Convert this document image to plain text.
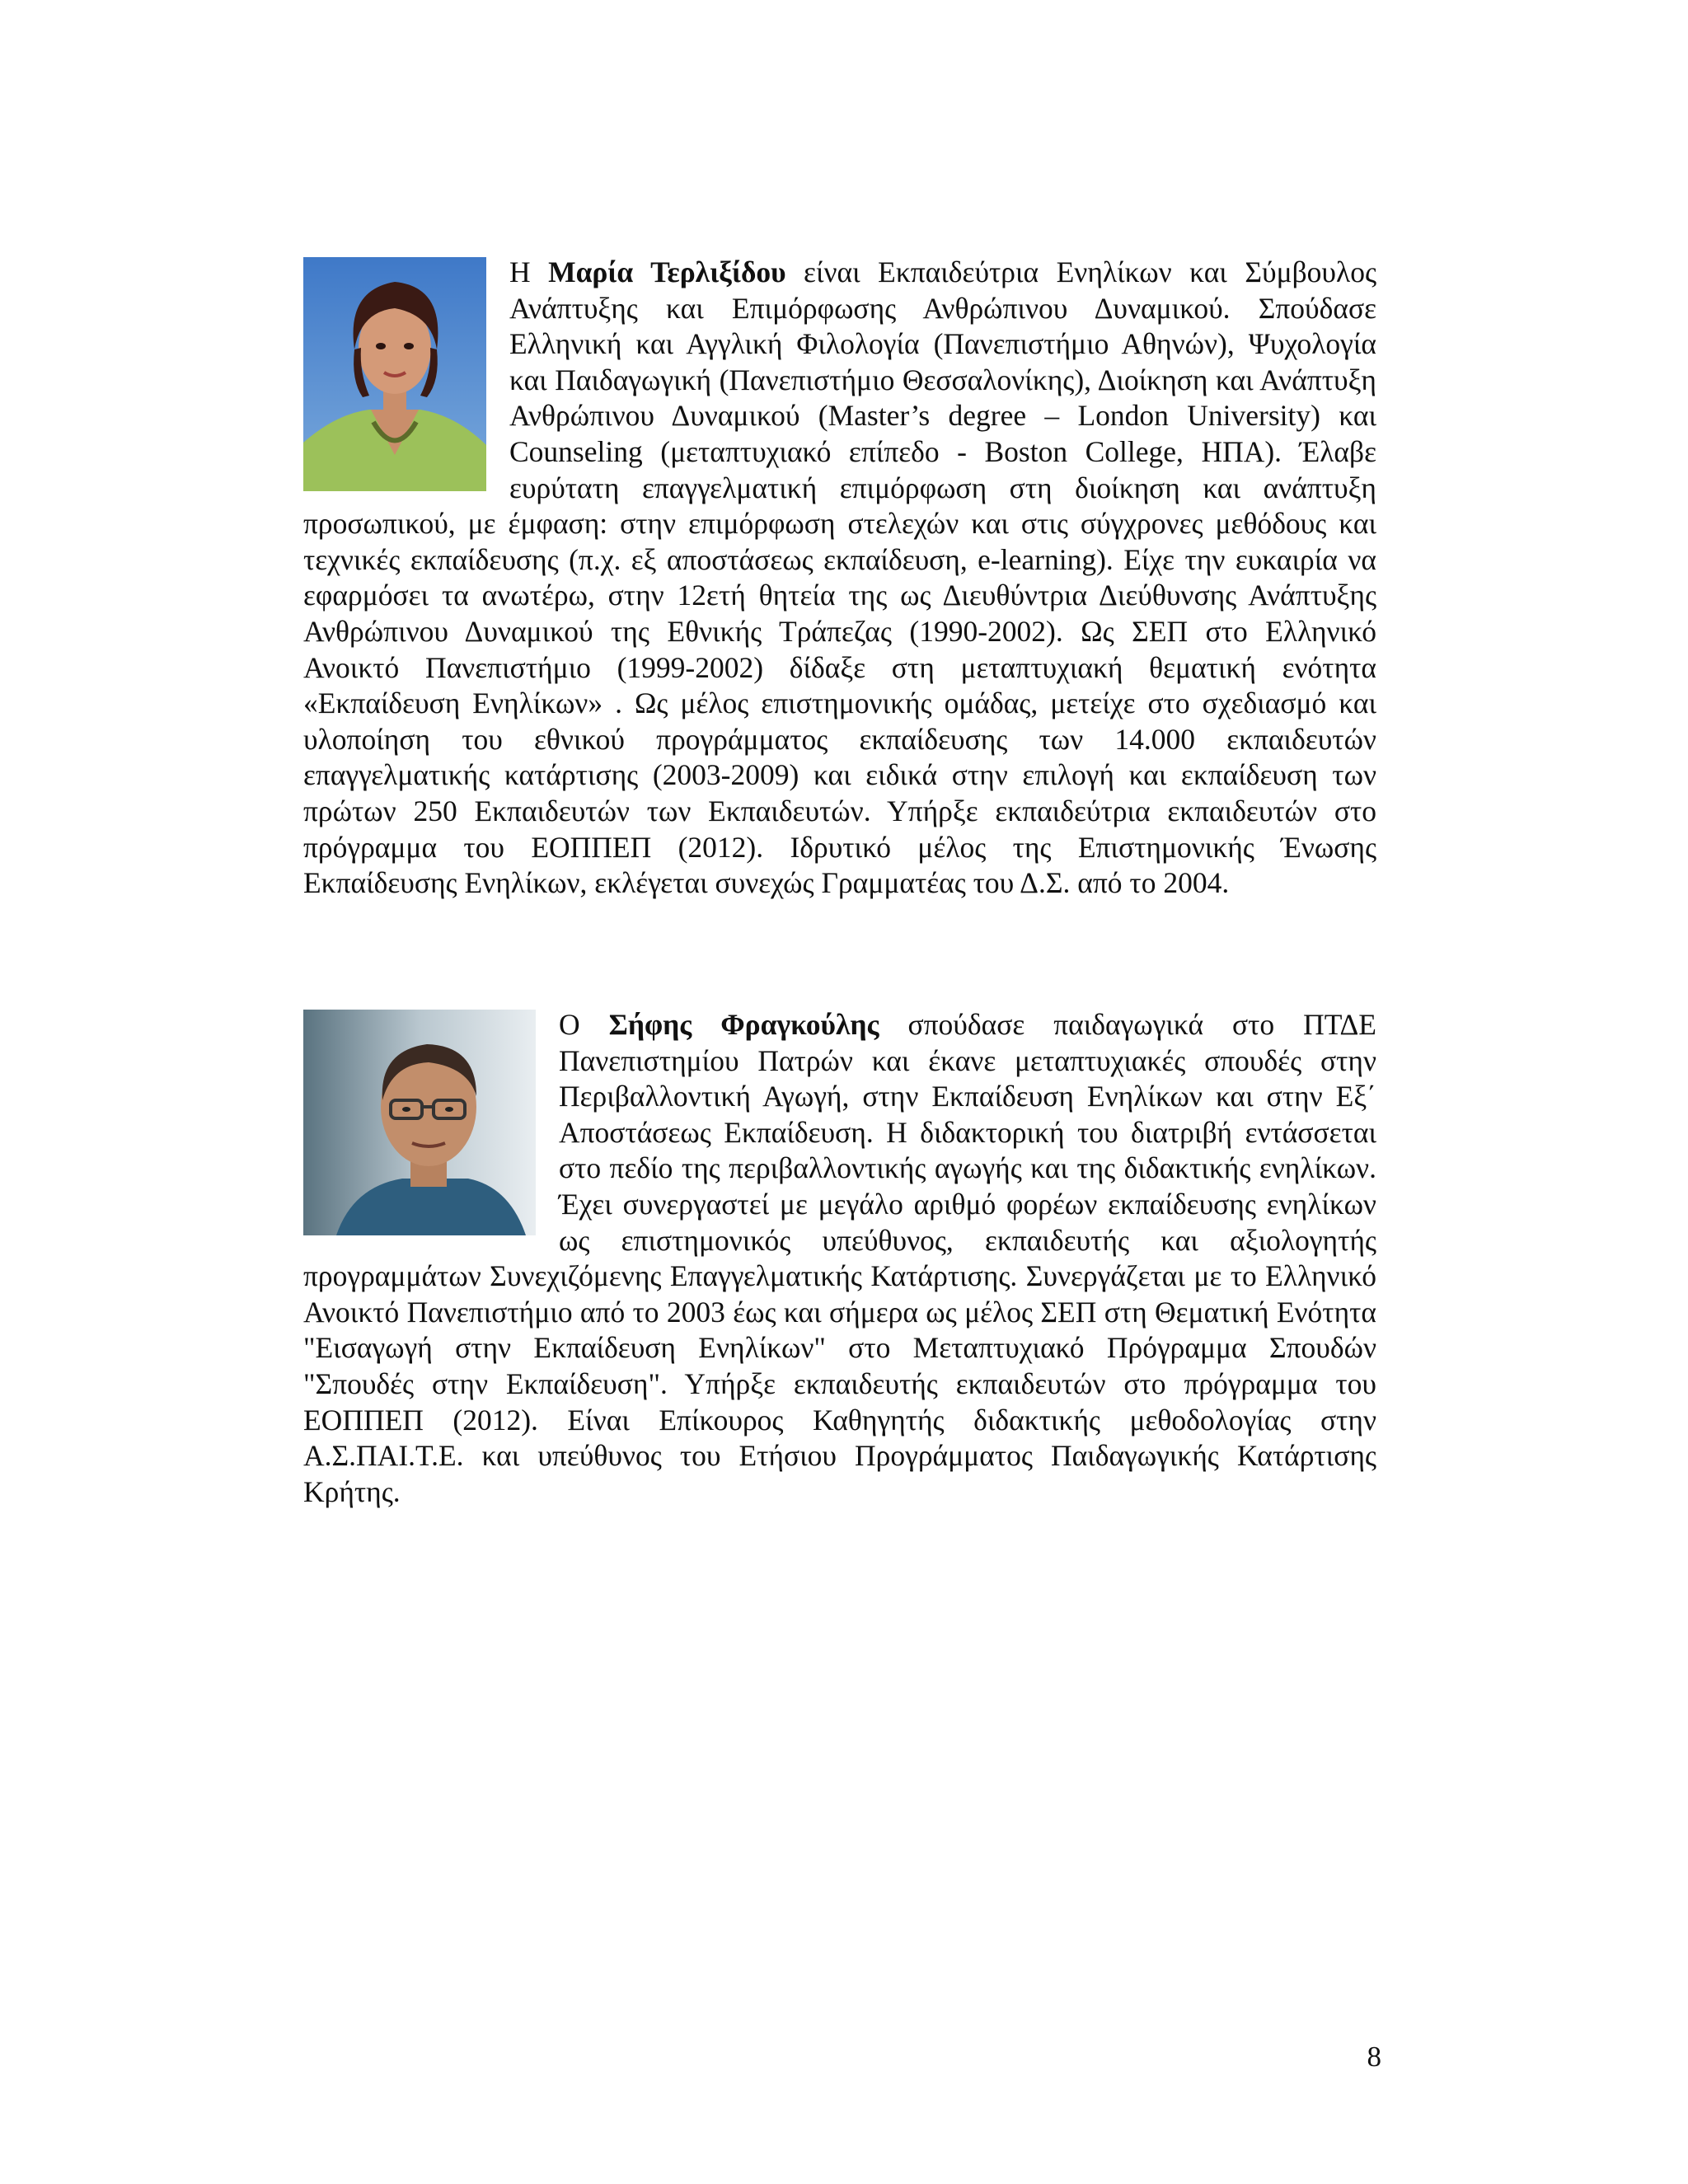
Η Μαρία Τερλιξίδου είναι Εκπαιδεύτρια Ενηλίκων και Σύμβουλος Ανάπτυξης και Επιμόρφωσης Ανθρώπινου Δυναμικού. Σπούδασε Ελληνική και Αγγλική Φιλολογία (Πανεπιστήμιο Αθηνών), Ψυχολογία και Παιδαγωγική (Πανεπιστήμιο Θεσσαλονίκης), Διοίκηση και Ανάπτυξη Ανθρώπινου Δυναμικού (Master’s degree – London University) και Counseling (μεταπτυχιακό επίπεδο - Boston College, ΗΠΑ). Έλαβε ευρύτατη επαγγελματική επιμόρφωση στη διοίκηση και ανάπτυξη προσωπικού, με έμφαση: στην επιμόρφωση στελεχών και στις σύγχρονες μεθόδους και τεχνικές εκπαίδευσης (π.χ. εξ αποστάσεως εκπαίδευση, e-learning). Είχε την ευκαιρία να εφαρμόσει τα ανωτέρω, στην 12ετή θητεία της ως Διευθύντρια Διεύθυνσης Ανάπτυξης Ανθρώπινου Δυναμικού της Εθνικής Τράπεζας (1990-2002). Ως ΣΕΠ στο Ελληνικό Ανοικτό Πανεπιστήμιο (1999-2002) δίδαξε στη μεταπτυχιακή θεματική ενότητα «Εκπαίδευση Ενηλίκων» . Ως μέλος επιστημονικής ομάδας, μετείχε στο σχεδιασμό και υλοποίηση του εθνικού προγράμματος εκπαίδευσης των 14.000 εκπαιδευτών επαγγελματικής κατάρτισης (2003-2009) και ειδικά στην επιλογή και εκπαίδευση των πρώτων 250 Εκπαιδευτών των Εκπαιδευτών. Υπήρξε εκπαιδεύτρια εκπαιδευτών στο πρόγραμμα του ΕΟΠΠΕΠ (2012). Ιδρυτικό μέλος της Επιστημονικής Ένωσης Εκπαίδευσης Ενηλίκων, εκλέγεται συνεχώς Γραμματέας του Δ.Σ. από το 2004.
Ο Σήφης Φραγκούλης σπούδασε παιδαγωγικά στο ΠΤΔΕ Πανεπιστημίου Πατρών και έκανε μεταπτυχιακές σπουδές στην Περιβαλλοντική Αγωγή, στην Εκπαίδευση Ενηλίκων και στην Εξ΄ Αποστάσεως Εκπαίδευση. Η διδακτορική του διατριβή εντάσσεται στο πεδίο της περιβαλλοντικής αγωγής και της διδακτικής ενηλίκων. Έχει συνεργαστεί με μεγάλο αριθμό φορέων εκπαίδευσης ενηλίκων ως επιστημονικός υπεύθυνος, εκπαιδευτής και αξιολογητής προγραμμάτων Συνεχιζόμενης Επαγγελματικής Κατάρτισης. Συνεργάζεται με το Ελληνικό Ανοικτό Πανεπιστήμιο από το 2003 έως και σήμερα ως μέλος ΣΕΠ στη Θεματική Ενότητα "Εισαγωγή στην Εκπαίδευση Ενηλίκων" στο Μεταπτυχιακό Πρόγραμμα Σπουδών "Σπουδές στην Εκπαίδευση". Υπήρξε εκπαιδευτής εκπαιδευτών στο πρόγραμμα του ΕΟΠΠΕΠ (2012). Είναι Επίκουρος Καθηγητής διδακτικής μεθοδολογίας στην Α.Σ.ΠΑΙ.Τ.Ε. και υπεύθυνος του Ετήσιου Προγράμματος Παιδαγωγικής Κατάρτισης Κρήτης.
8
